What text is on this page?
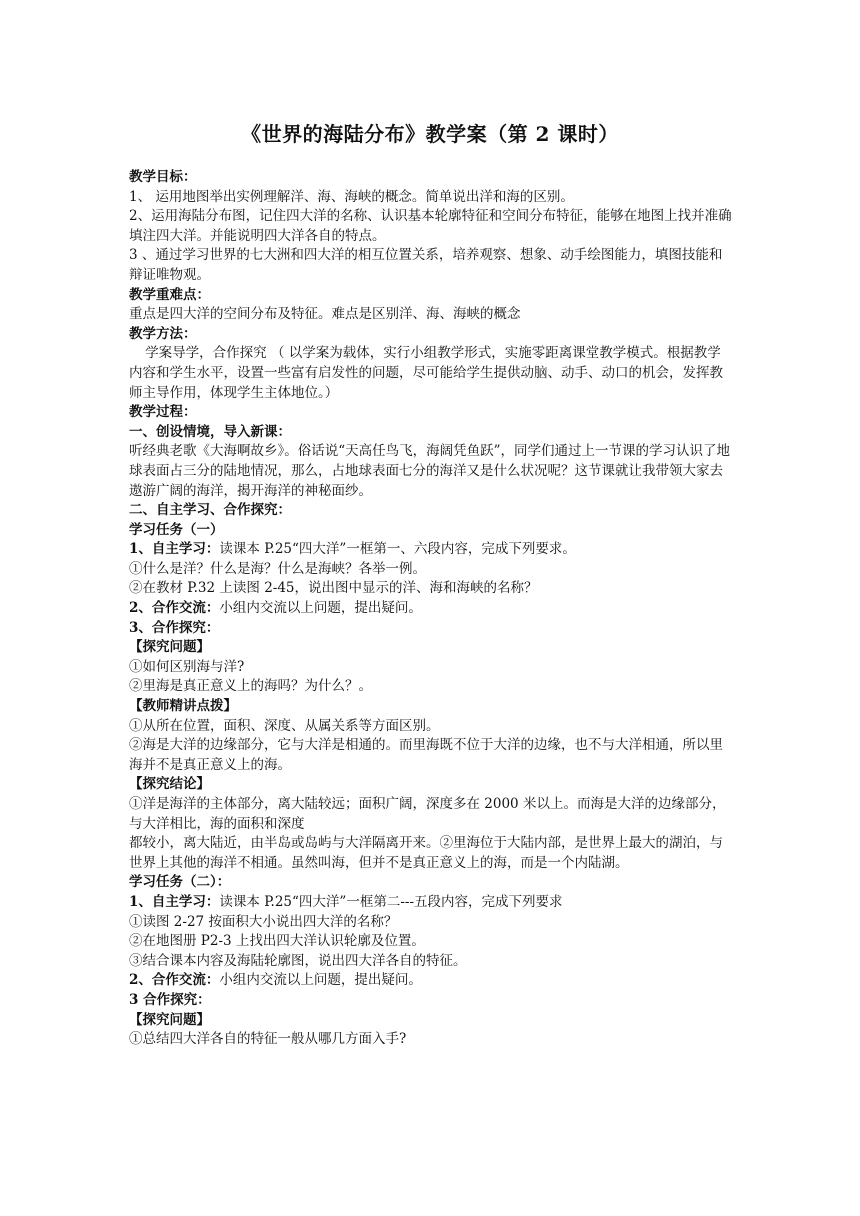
《世界的海陆分布》教学案（第 2 课时）

教学目标：

1、 运用地图举出实例理解洋、海、海峡的概念。简单说出洋和海的区别。

2、运用海陆分布图，记住四大洋的名称、认识基本轮廓特征和空间分布特征，能够在地图上找并准确填注四大洋。并能说明四大洋各自的特点。

3 、通过学习世界的七大洲和四大洋的相互位置关系，培养观察、想象、动手绘图能力，填图技能和辩证唯物观。

教学重难点：

重点是四大洋的空间分布及特征。难点是区别洋、海、海峡的概念

教学方法：

学案导学，合作探究 （ 以学案为载体，实行小组教学形式，实施零距离课堂教学模式。根据教学内容和学生水平，设置一些富有启发性的问题，尽可能给学生提供动脑、动手、动口的机会，发挥教师主导作用，体现学生主体地位。）

教学过程：

一、创设情境，导入新课：

听经典老歌《大海啊故乡》。俗话说“天高任鸟飞，海阔凭鱼跃”，同学们通过上一节课的学习认识了地球表面占三分的陆地情况，那么，占地球表面七分的海洋又是什么状况呢？这节课就让我带领大家去遨游广阔的海洋，揭开海洋的神秘面纱。

二、自主学习、合作探究：

学习任务（一）

1、自主学习：读课本 P.25“四大洋”一框第一、六段内容，完成下列要求。

①什么是洋？什么是海？什么是海峡？各举一例。

②在教材 P.32 上读图 2-45，说出图中显示的洋、海和海峡的名称？

2、合作交流：小组内交流以上问题，提出疑问。

3、合作探究：

【探究问题】

①如何区别海与洋?

②里海是真正意义上的海吗？为什么？。

【教师精讲点拨】

①从所在位置，面积、深度、从属关系等方面区别。

②海是大洋的边缘部分，它与大洋是相通的。而里海既不位于大洋的边缘，也不与大洋相通，所以里海并不是真正意义上的海。

【探究结论】

①洋是海洋的主体部分，离大陆较远；面积广阔，深度多在 2000 米以上。而海是大洋的边缘部分，与大洋相比，海的面积和深度

都较小，离大陆近，由半岛或岛屿与大洋隔离开来。②里海位于大陆内部，是世界上最大的湖泊，与世界上其他的海洋不相通。虽然叫海，但并不是真正意义上的海，而是一个内陆湖。

学习任务（二）：

1、自主学习：读课本 P.25“四大洋”一框第二---五段内容，完成下列要求

①读图 2-27 按面积大小说出四大洋的名称？

②在地图册 P2-3 上找出四大洋认识轮廓及位置。

③结合课本内容及海陆轮廓图，说出四大洋各自的特征。

2、合作交流：小组内交流以上问题，提出疑问。

3 合作探究：

【探究问题】

①总结四大洋各自的特征一般从哪几方面入手?
